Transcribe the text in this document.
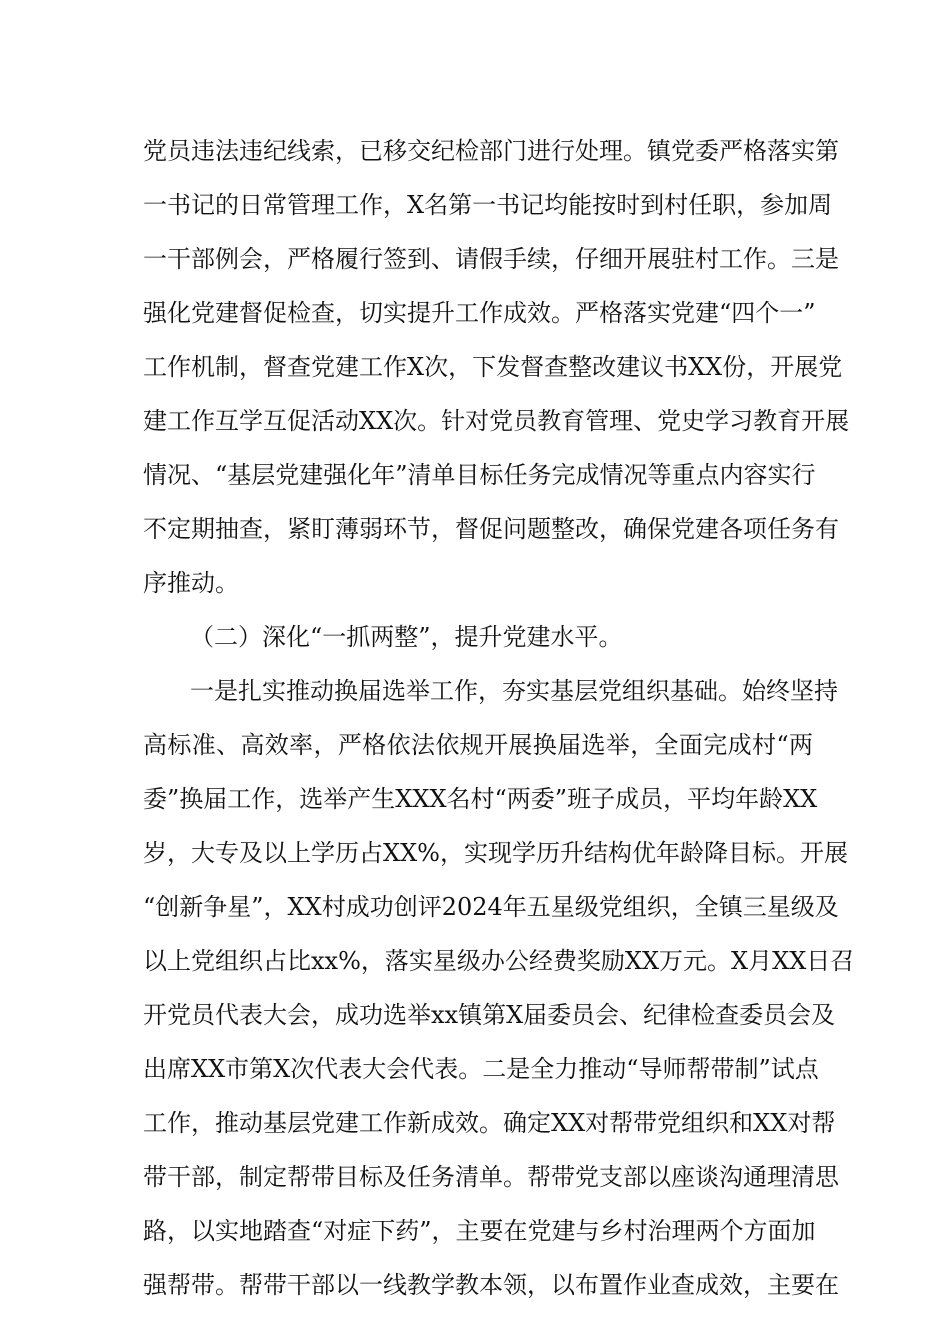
党员违法违纪线索，已移交纪检部门进行处理。镇党委严格落实第
一书记的日常管理工作，X名第一书记均能按时到村任职，参加周
一干部例会，严格履行签到、请假手续，仔细开展驻村工作。三是
强化党建督促检查，切实提升工作成效。严格落实党建“四个一”
工作机制，督查党建工作X次，下发督查整改建议书XX份，开展党
建工作互学互促活动XX次。针对党员教育管理、党史学习教育开展
情况、“基层党建强化年”清单目标任务完成情况等重点内容实行
不定期抽查，紧盯薄弱环节，督促问题整改，确保党建各项任务有
序推动。
（二）深化“一抓两整”，提升党建水平。
一是扎实推动换届选举工作，夯实基层党组织基础。始终坚持
高标准、高效率，严格依法依规开展换届选举，全面完成村“两
委”换届工作，选举产生XXX名村“两委”班子成员，平均年龄XX
岁，大专及以上学历占XX%，实现学历升结构优年龄降目标。开展
“创新争星”，XX村成功创评2024年五星级党组织，全镇三星级及
以上党组织占比xx%，落实星级办公经费奖励XX万元。X月XX日召
开党员代表大会，成功选举xx镇第X届委员会、纪律检查委员会及
出席XX市第X次代表大会代表。二是全力推动“导师帮带制”试点
工作，推动基层党建工作新成效。确定XX对帮带党组织和XX对帮
带干部，制定帮带目标及任务清单。帮带党支部以座谈沟通理清思
路，以实地踏查“对症下药”，主要在党建与乡村治理两个方面加
强帮带。帮带干部以一线教学教本领，以布置作业查成效，主要在
